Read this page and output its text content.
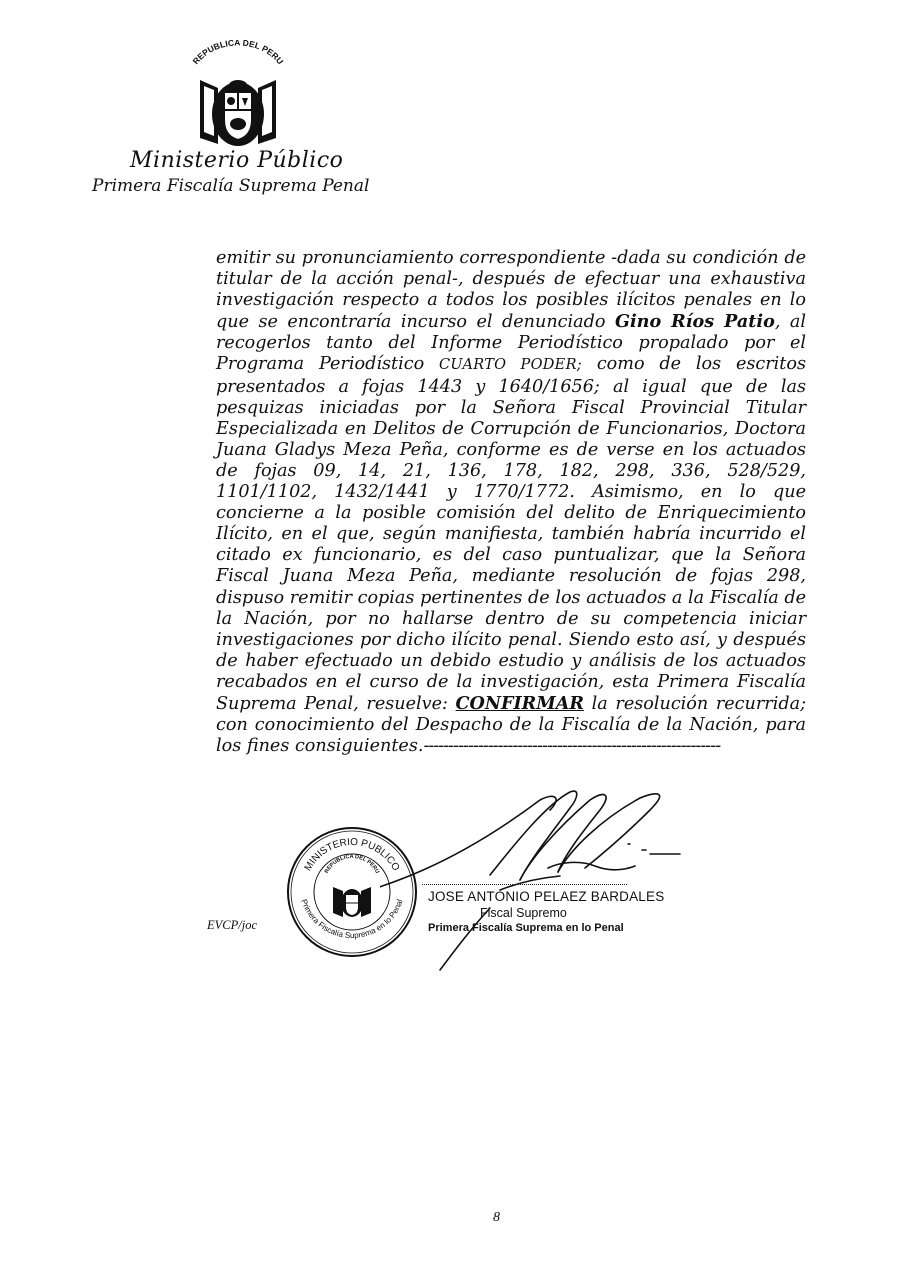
REPUBLICA DEL PERU
Ministerio Público
Primera Fiscalía Suprema Penal
emitir su pronunciamiento correspondiente -dada su condición de
titular de la acción penal-, después de efectuar una exhaustiva
investigación respecto a todos los posibles ilícitos penales en lo
que se encontraría incurso el denunciado Gino Ríos Patio, al
recogerlos tanto del Informe Periodístico propalado por el
Programa Periodístico CUARTO PODER; como de los escritos
presentados a fojas 1443 y 1640/1656; al igual que de las
pesquizas iniciadas por la Señora Fiscal Provincial Titular
Especializada en Delitos de Corrupción de Funcionarios, Doctora
Juana Gladys Meza Peña, conforme es de verse en los actuados
de fojas 09, 14, 21, 136, 178, 182, 298, 336, 528/529,
1101/1102, 1432/1441 y 1770/1772. Asimismo, en lo que
concierne a la posible comisión del delito de Enriquecimiento
Ilícito, en el que, según manifiesta, también habría incurrido el
citado ex funcionario, es del caso puntualizar, que la Señora
Fiscal Juana Meza Peña, mediante resolución de fojas 298,
dispuso remitir copias pertinentes de los actuados a la Fiscalía de
la Nación, por no hallarse dentro de su competencia iniciar
investigaciones por dicho ilícito penal. Siendo esto así, y después
de haber efectuado un debido estudio y análisis de los actuados
recabados en el curso de la investigación, esta Primera Fiscalía
Suprema Penal, resuelve: CONFIRMAR la resolución recurrida;
con conocimiento del Despacho de la Fiscalía de la Nación, para
los fines consiguientes.------------------------------------------------------------
MINISTERIO PUBLICO
Primera Fiscalía Suprema en lo Penal
REPUBLICA DEL PERU
JOSE ANTONIO PELAEZ BARDALES
Fiscal Supremo
Primera Fiscalía Suprema en lo Penal
EVCP/joc
8
